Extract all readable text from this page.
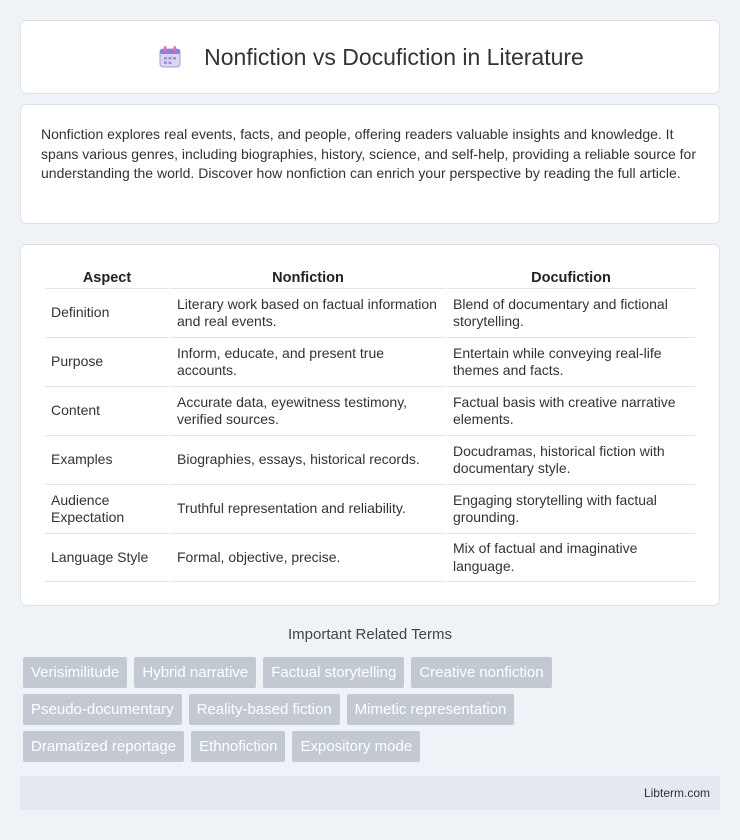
Nonfiction vs Docufiction in Literature

Nonfiction explores real events, facts, and people, offering readers valuable insights and knowledge. It spans various genres, including biographies, history, science, and self-help, providing a reliable source for understanding the world. Discover how nonfiction can enrich your perspective by reading the full article.

Aspect	Nonfiction	Docufiction
Definition	Literary work based on factual information and real events.	Blend of documentary and fictional storytelling.
Purpose	Inform, educate, and present true accounts.	Entertain while conveying real-life themes and facts.
Content	Accurate data, eyewitness testimony, verified sources.	Factual basis with creative narrative elements.
Examples	Biographies, essays, historical records.	Docudramas, historical fiction with documentary style.
Audience Expectation	Truthful representation and reliability.	Engaging storytelling with factual grounding.
Language Style	Formal, objective, precise.	Mix of factual and imaginative language.
Important Related Terms
Verisimilitude	Hybrid narrative	Factual storytelling	Creative nonfiction
Pseudo-documentary	Reality-based fiction	Mimetic representation
Dramatized reportage	Ethnofiction	Expository mode
Libterm.com
